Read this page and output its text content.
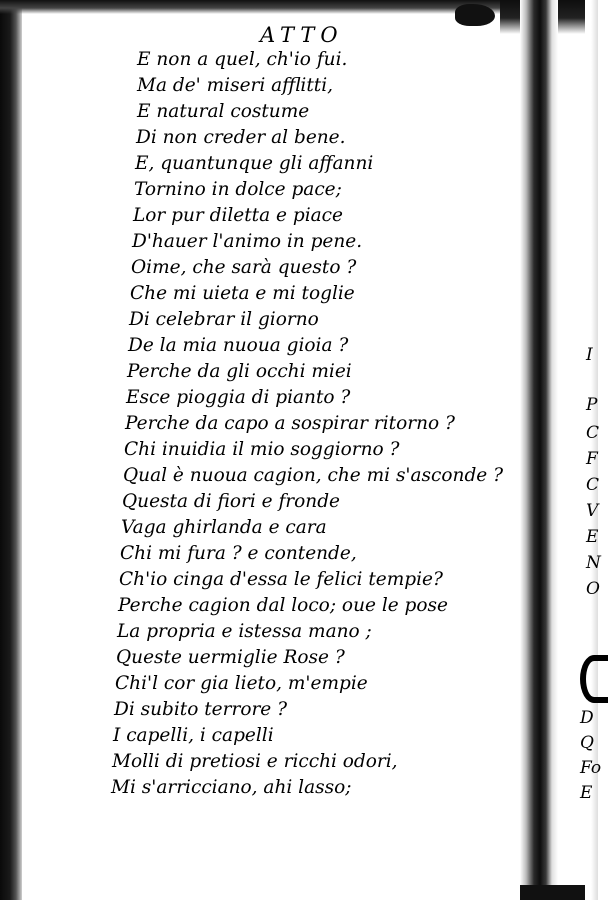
ATTO
E non a quel, ch'io fui.
Ma de' miseri afflitti,
E natural costume
Di non creder al bene.
E, quantunque gli affanni
Tornino in dolce pace;
Lor pur diletta e piace
D'hauer l'animo in pene.
Oime, che sarà questo ?
Che mi uieta e mi toglie
Di celebrar il giorno
De la mia nuoua gioia ?
Perche da gli occhi miei
Esce pioggia di pianto ?
Perche da capo a sospirar ritorno ?
Chi inuidia il mio soggiorno ?
Qual è nuoua cagion, che mi s'asconde ?
Questa di fiori e fronde
Vaga ghirlanda e cara
Chi mi fura ? e contende,
Ch'io cinga d'essa le felici tempie?
Perche cagion dal loco; oue le pose
La propria e istessa mano ;
Queste uermiglie Rose ?
Chi'l cor gia lieto, m'empie
Di subito terrore ?
I capelli, i capelli
Molli di pretiosi e ricchi odori,
Mi s'arricciano, ahi lasso;
I
P
C
F
C
V
E
N
O
D
Q
Fo
E
